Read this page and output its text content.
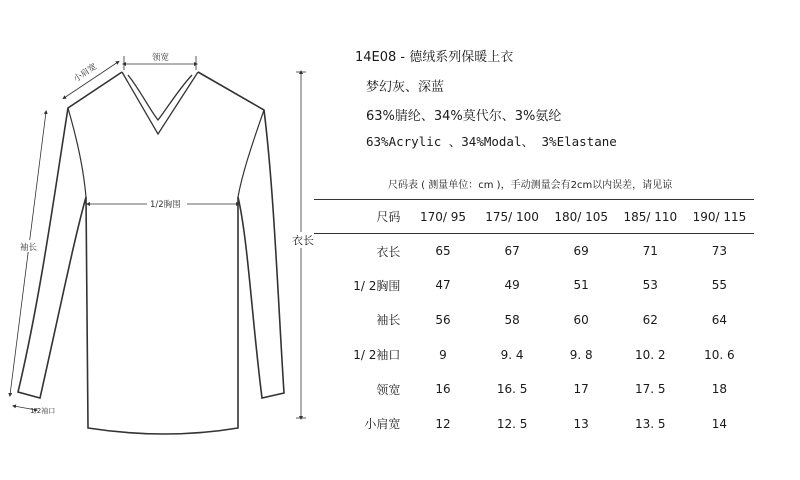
领宽
小肩宽
1/2胸围
袖长
1/2袖口
衣长
14E08 - 德绒系列保暖上衣
梦幻灰、深蓝
63%腈纶、34%莫代尔、3%氨纶
63%Acrylic 、34%Modal、 3%Elastane
尺码表 ( 测量单位：cm )，手动测量会有2cm以内误差，请见谅
尺码	170/ 95	175/ 100	180/ 105	185/ 110	190/ 115
衣长	65	67	69	71	73
1/ 2胸围	47	49	51	53	55
袖长	56	58	60	62	64
1/ 2袖口	9	9. 4	9. 8	10. 2	10. 6
领宽	16	16. 5	17	17. 5	18
小肩宽	12	12. 5	13	13. 5	14
